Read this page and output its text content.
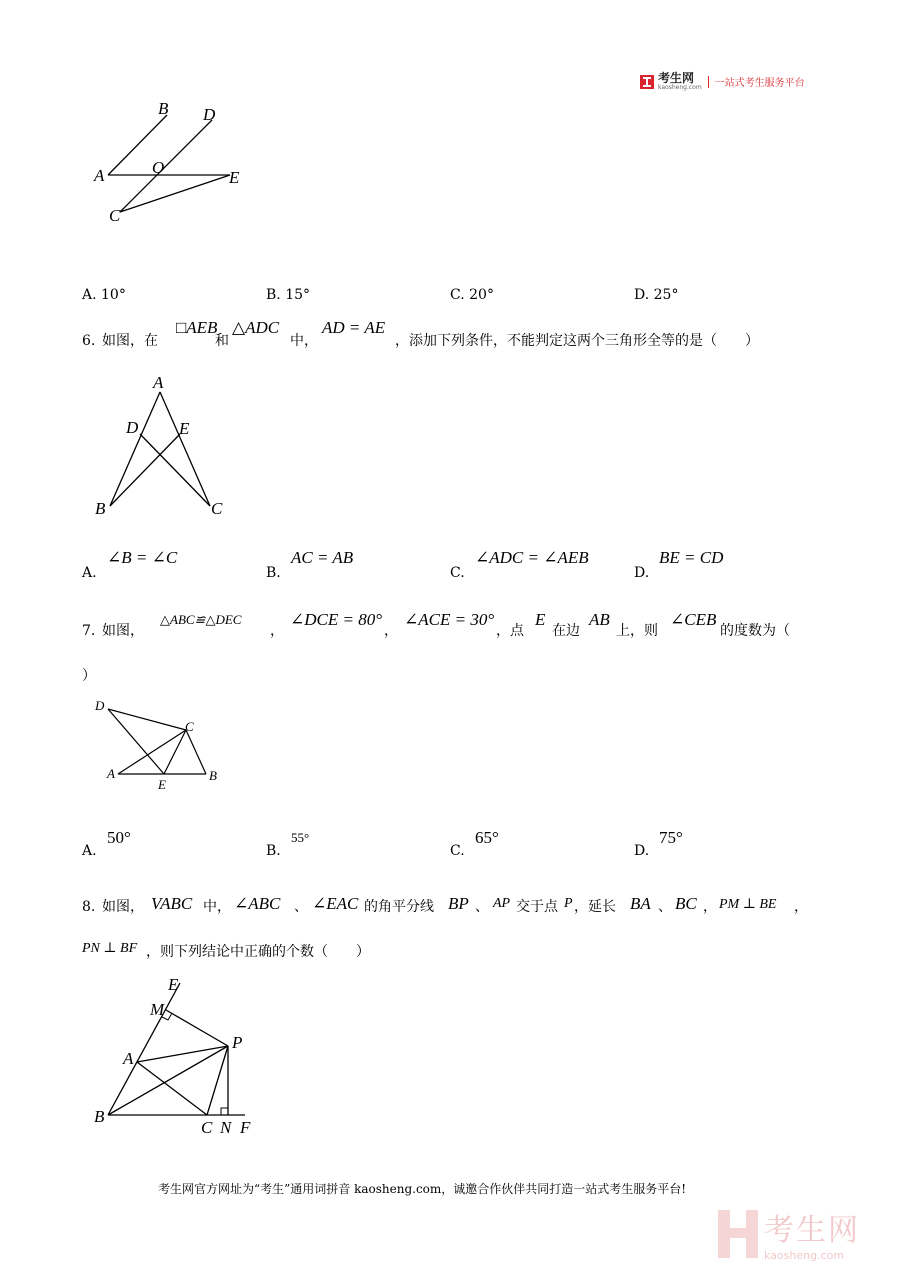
考生网
kaosheng.com 一站式考生服务平台
B D
A	O
E
C
A. 10°	B. 15°	C. 20°	D. 25°
6. 如图，在
□AEB
和
△ADC
中，
AD = AE
，添加下列条件，不能判定这两个三角形全等的是（　　）
A
D E
B	C
A.
∠B = ∠C
B.
AC = AB
C.
∠ADC = ∠AEB
D.
BE = CD
7. 如图，
△ABC≌△DEC
，
∠DCE = 80°
，
∠ACE = 30°
，点
E
在边
AB
上，则
∠CEB
的度数为（
）
D
C
A
E
B
A.
50°
B.
55°
C.
65°
D.
75°
8. 如图， VABC 中， ∠ABC 、 ∠EAC 的角平分线 BP 、 AP 交于点 P ，延长 BA 、 BC ， PM ⊥ BE ，
PN ⊥ BF ，则下列结论中正确的个数（　　）
E
M
P
A
B
C N F
考生网官方网址为“考生”通用词拼音 kaosheng.com，诚邀合作伙伴共同打造一站式考生服务平台!
考生网
kaosheng.com
